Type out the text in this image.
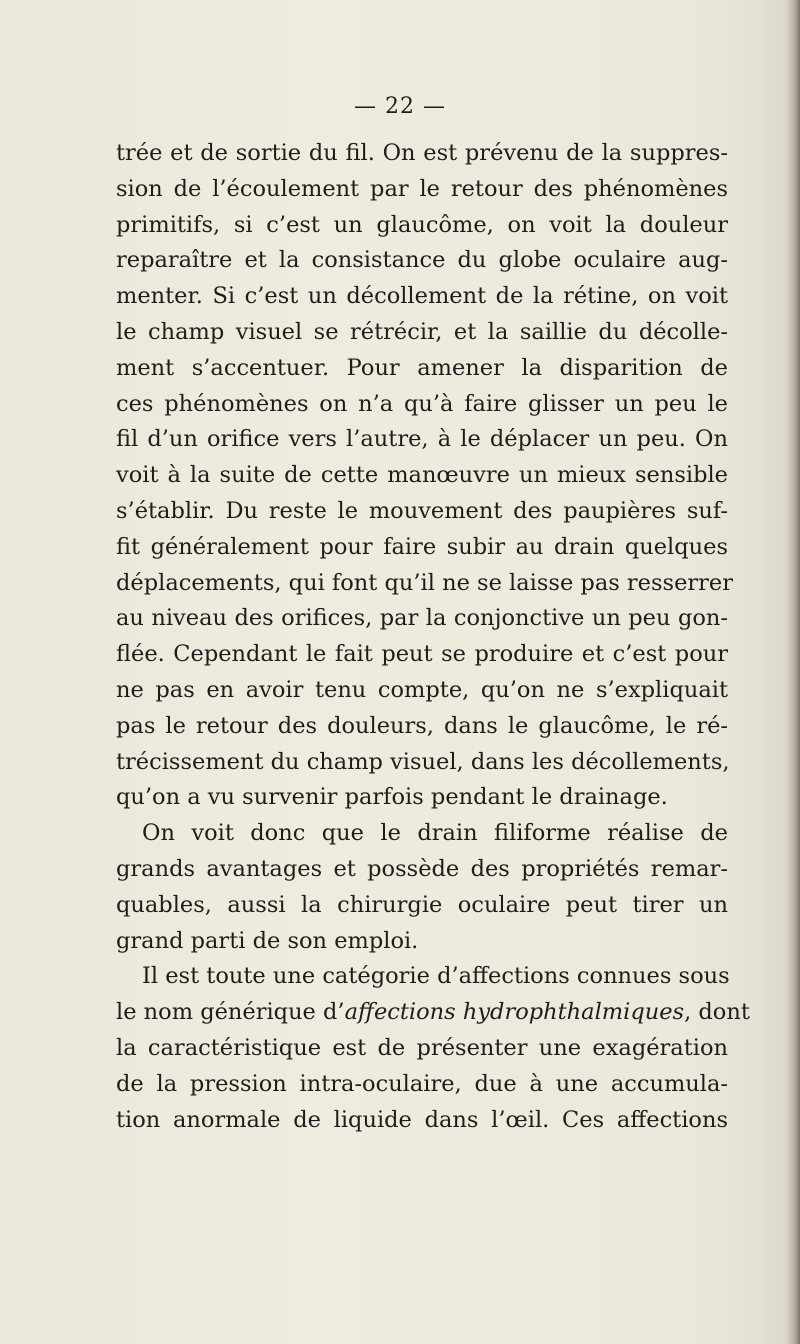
— 22 —
trée et de sortie du fil. On est prévenu de la suppres-
sion de l’écoulement par le retour des phénomènes
primitifs, si c’est un glaucôme, on voit la douleur
reparaître et la consistance du globe oculaire aug-
menter. Si c’est un décollement de la rétine, on voit
le champ visuel se rétrécir, et la saillie du décolle-
ment s’accentuer. Pour amener la disparition de
ces phénomènes on n’a qu’à faire glisser un peu le
fil d’un orifice vers l’autre, à le déplacer un peu. On
voit à la suite de cette manœuvre un mieux sensible
s’établir. Du reste le mouvement des paupières suf-
fit généralement pour faire subir au drain quelques
déplacements, qui font qu’il ne se laisse pas resserrer
au niveau des orifices, par la conjonctive un peu gon-
flée. Cependant le fait peut se produire et c’est pour
ne pas en avoir tenu compte, qu’on ne s’expliquait
pas le retour des douleurs, dans le glaucôme, le ré-
trécissement du champ visuel, dans les décollements,
qu’on a vu survenir parfois pendant le drainage.
On voit donc que le drain filiforme réalise de
grands avantages et possède des propriétés remar-
quables, aussi la chirurgie oculaire peut tirer un
grand parti de son emploi.
Il est toute une catégorie d’affections connues sous
le nom générique d’affections hydrophthalmiques, dont
la caractéristique est de présenter une exagération
de la pression intra-oculaire, due à une accumula-
tion anormale de liquide dans l’œil. Ces affections
